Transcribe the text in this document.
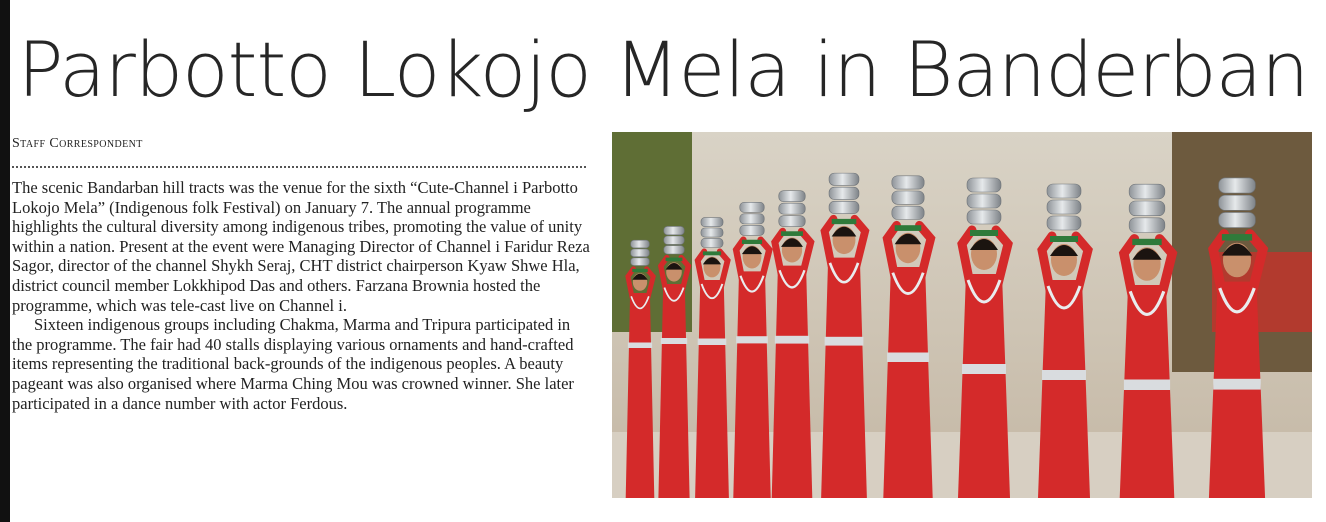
Parbotto Lokojo Mela in Banderban
Staff Correspondent

The scenic Bandarban hill tracts was the venue for the sixth “Cute-Channel i Parbotto Lokojo Mela” (Indigenous folk Festival) on January 7. The annual programme highlights the cultural diversity among indigenous tribes, promoting the value of unity within a nation. Present at the event were Managing Director of Channel i Faridur Reza Sagor, director of the channel Shykh Seraj, CHT district chairperson Kyaw Shwe Hla, district council member Lokkhipod Das and others. Farzana Brownia hosted the programme, which was tele-cast live on Channel i.

Sixteen indigenous groups including Chakma, Marma and Tripura participated in the programme. The fair had 40 stalls displaying various ornaments and hand-crafted items representing the traditional back-grounds of the indigenous peoples. A beauty pageant was also organised where Marma Ching Mou was crowned winner. She later participated in a dance number with actor Ferdous.
